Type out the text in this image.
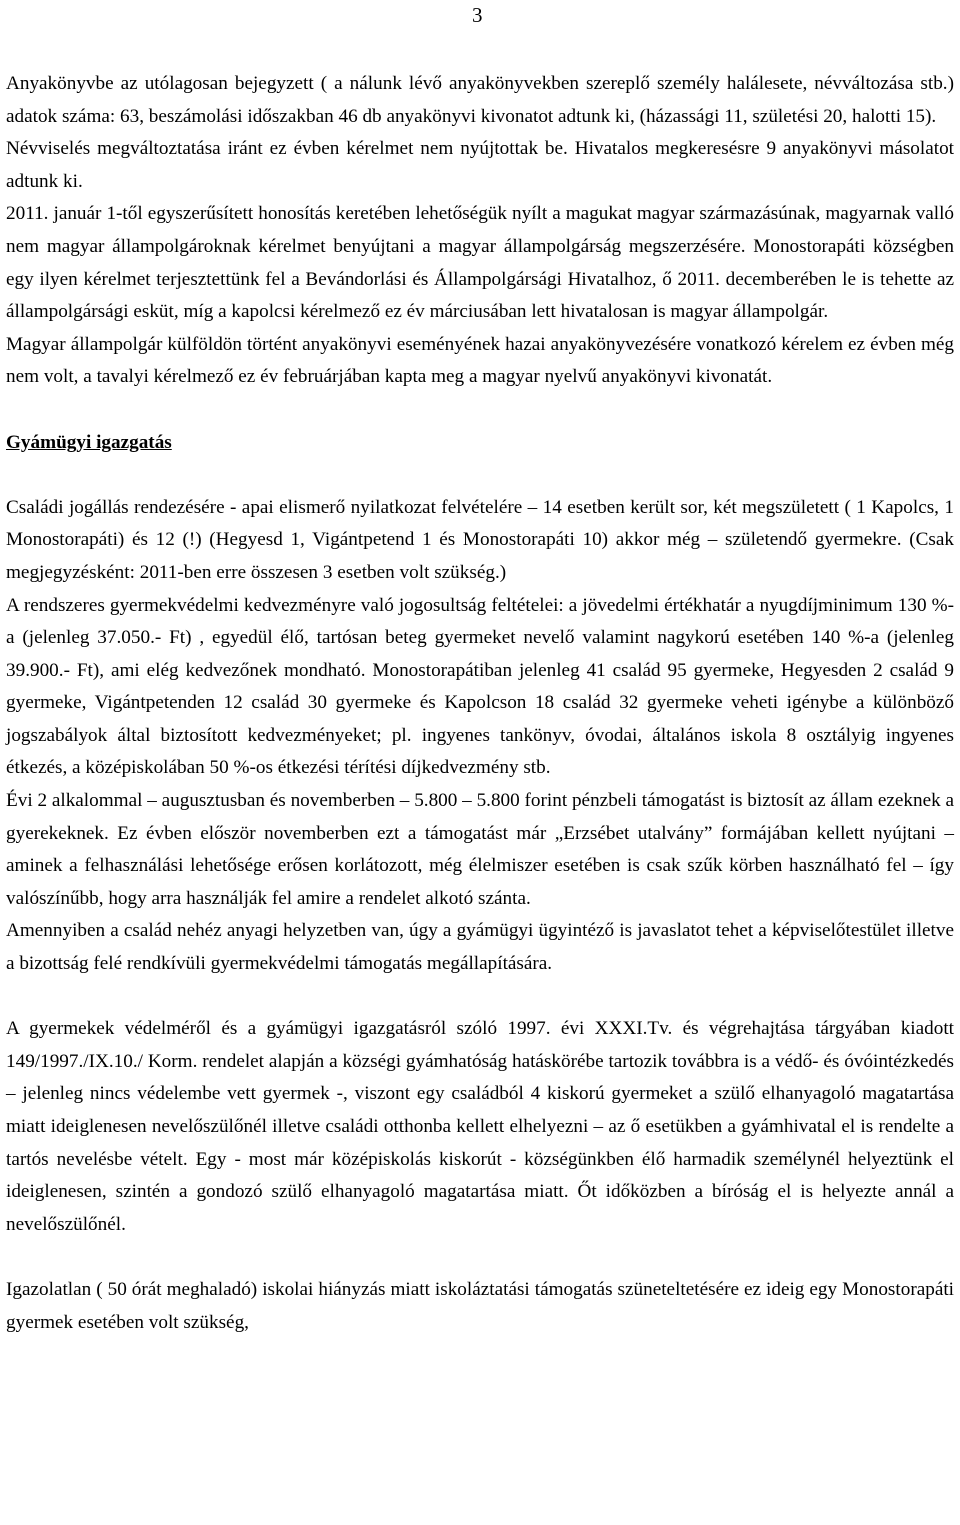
3

Anyakönyvbe az utólagosan bejegyzett ( a nálunk lévő anyakönyvekben szereplő személy halálesete, névváltozása stb.) adatok száma: 63, beszámolási időszakban 46 db anyakönyvi kivonatot adtunk ki, (házassági 11, születési 20, halotti 15).

Névviselés megváltoztatása iránt ez évben kérelmet nem nyújtottak be. Hivatalos megkeresésre 9 anyakönyvi másolatot adtunk ki.

2011. január 1-től egyszerűsített honosítás keretében lehetőségük nyílt a magukat magyar származásúnak, magyarnak valló nem magyar állampolgároknak kérelmet benyújtani a magyar állampolgárság megszerzésére. Monostorapáti községben egy ilyen kérelmet terjesztettünk fel a Bevándorlási és Állampolgársági Hivatalhoz, ő 2011. decemberében le is tehette az állampolgársági esküt, míg a kapolcsi kérelmező ez év márciusában lett hivatalosan is magyar állampolgár.

Magyar állampolgár külföldön történt anyakönyvi eseményének hazai anyakönyvezésére vonatkozó kérelem ez évben még nem volt, a tavalyi kérelmező ez év februárjában kapta meg a magyar nyelvű anyakönyvi kivonatát.

Gyámügyi igazgatás

Családi jogállás rendezésére - apai elismerő nyilatkozat felvételére – 14 esetben került sor, két megszületett ( 1 Kapolcs, 1 Monostorapáti) és 12 (!) (Hegyesd 1, Vigántpetend 1 és Monostorapáti 10) akkor még – születendő gyermekre. (Csak megjegyzésként: 2011-ben erre összesen 3 esetben volt szükség.)

A rendszeres gyermekvédelmi kedvezményre való jogosultság feltételei: a jövedelmi értékhatár a nyugdíjminimum 130 %-a (jelenleg 37.050.- Ft) , egyedül élő, tartósan beteg gyermeket nevelő valamint nagykorú esetében 140 %-a (jelenleg 39.900.- Ft), ami elég kedvezőnek mondható. Monostorapátiban jelenleg 41 család 95 gyermeke, Hegyesden 2 család 9 gyermeke, Vigántpetenden 12 család 30 gyermeke és Kapolcson 18 család 32 gyermeke veheti igénybe a különböző jogszabályok által biztosított kedvezményeket; pl. ingyenes tankönyv, óvodai, általános iskola 8 osztályig ingyenes étkezés, a középiskolában 50 %-os étkezési térítési díjkedvezmény stb.

Évi 2 alkalommal – augusztusban és novemberben – 5.800 – 5.800 forint pénzbeli támogatást is biztosít az állam ezeknek a gyerekeknek. Ez évben először novemberben ezt a támogatást már „Erzsébet utalvány” formájában kellett nyújtani – aminek a felhasználási lehetősége erősen korlátozott, még élelmiszer esetében is csak szűk körben használható fel – így valószínűbb, hogy arra használják fel amire a rendelet alkotó szánta.

Amennyiben a család nehéz anyagi helyzetben van, úgy a gyámügyi ügyintéző is javaslatot tehet a képviselőtestület illetve a bizottság felé rendkívüli gyermekvédelmi támogatás megállapítására.

A gyermekek védelméről és a gyámügyi igazgatásról szóló 1997. évi XXXI.Tv. és végrehajtása tárgyában kiadott 149/1997./IX.10./ Korm. rendelet alapján a községi gyámhatóság hatáskörébe tartozik továbbra is a védő- és óvóintézkedés – jelenleg nincs védelembe vett gyermek -, viszont egy családból 4 kiskorú gyermeket a szülő elhanyagoló magatartása miatt ideiglenesen nevelőszülőnél illetve családi otthonba kellett elhelyezni – az ő esetükben a gyámhivatal el is rendelte a tartós nevelésbe vételt. Egy - most már középiskolás kiskorút - községünkben élő harmadik személynél helyeztünk el ideiglenesen, szintén a gondozó szülő elhanyagoló magatartása miatt. Őt időközben a bíróság el is helyezte annál a nevelőszülőnél.

Igazolatlan ( 50 órát meghaladó) iskolai hiányzás miatt iskoláztatási támogatás szüneteltetésére ez ideig egy Monostorapáti gyermek esetében volt szükség,
